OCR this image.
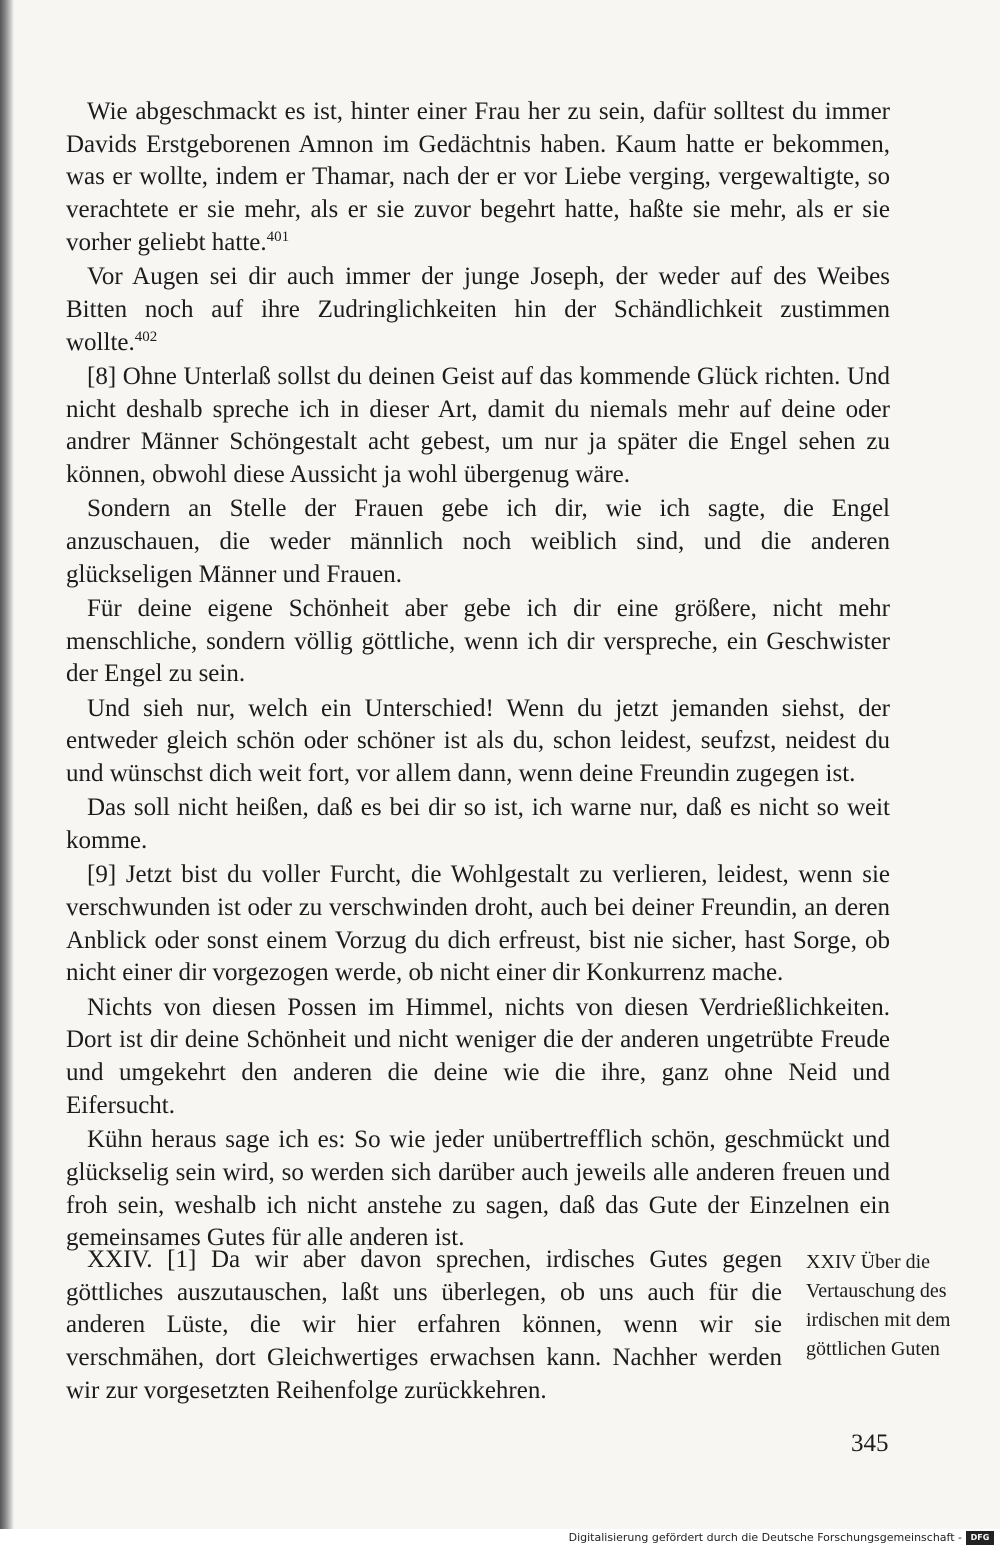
Wie abgeschmackt es ist, hinter einer Frau her zu sein, dafür solltest du immer Davids Erstgeborenen Amnon im Gedächtnis haben. Kaum hatte er bekommen, was er wollte, indem er Thamar, nach der er vor Liebe verging, vergewaltigte, so verachtete er sie mehr, als er sie zuvor begehrt hatte, haßte sie mehr, als er sie vorher geliebt hatte.$^{401}$

Vor Augen sei dir auch immer der junge Joseph, der weder auf des Weibes Bitten noch auf ihre Zudringlichkeiten hin der Schändlichkeit zustimmen wollte.$^{402}$

[8] Ohne Unterlaß sollst du deinen Geist auf das kommende Glück richten. Und nicht deshalb spreche ich in dieser Art, damit du niemals mehr auf deine oder andrer Männer Schöngestalt acht gebest, um nur ja später die Engel sehen zu können, obwohl diese Aussicht ja wohl übergenug wäre.

Sondern an Stelle der Frauen gebe ich dir, wie ich sagte, die Engel anzuschauen, die weder männlich noch weiblich sind, und die anderen glückseligen Männer und Frauen.

Für deine eigene Schönheit aber gebe ich dir eine größere, nicht mehr menschliche, sondern völlig göttliche, wenn ich dir verspreche, ein Geschwister der Engel zu sein.

Und sieh nur, welch ein Unterschied! Wenn du jetzt jemanden siehst, der entweder gleich schön oder schöner ist als du, schon leidest, seufzst, neidest du und wünschst dich weit fort, vor allem dann, wenn deine Freundin zugegen ist.

Das soll nicht heißen, daß es bei dir so ist, ich warne nur, daß es nicht so weit komme.

[9] Jetzt bist du voller Furcht, die Wohlgestalt zu verlieren, leidest, wenn sie verschwunden ist oder zu verschwinden droht, auch bei deiner Freundin, an deren Anblick oder sonst einem Vorzug du dich erfreust, bist nie sicher, hast Sorge, ob nicht einer dir vorgezogen werde, ob nicht einer dir Konkurrenz mache.

Nichts von diesen Possen im Himmel, nichts von diesen Verdrießlichkeiten. Dort ist dir deine Schönheit und nicht weniger die der anderen ungetrübte Freude und umgekehrt den anderen die deine wie die ihre, ganz ohne Neid und Eifersucht.

Kühn heraus sage ich es: So wie jeder unübertrefflich schön, geschmückt und glückselig sein wird, so werden sich darüber auch jeweils alle anderen freuen und froh sein, weshalb ich nicht anstehe zu sagen, daß das Gute der Einzelnen ein gemeinsames Gutes für alle anderen ist.

XXIV. [1] Da wir aber davon sprechen, irdisches Gutes gegen göttliches auszutauschen, laßt uns überlegen, ob uns auch für die anderen Lüste, die wir hier erfahren können, wenn wir sie verschmähen, dort Gleichwertiges erwachsen kann. Nachher werden wir zur vorgesetzten Reihenfolge zurückkehren.

XXIV Über die
Vertauschung des
irdischen mit dem
göttlichen Guten
345
Digitalisierung gefördert durch die Deutsche Forschungsgemeinschaft -	DFG
